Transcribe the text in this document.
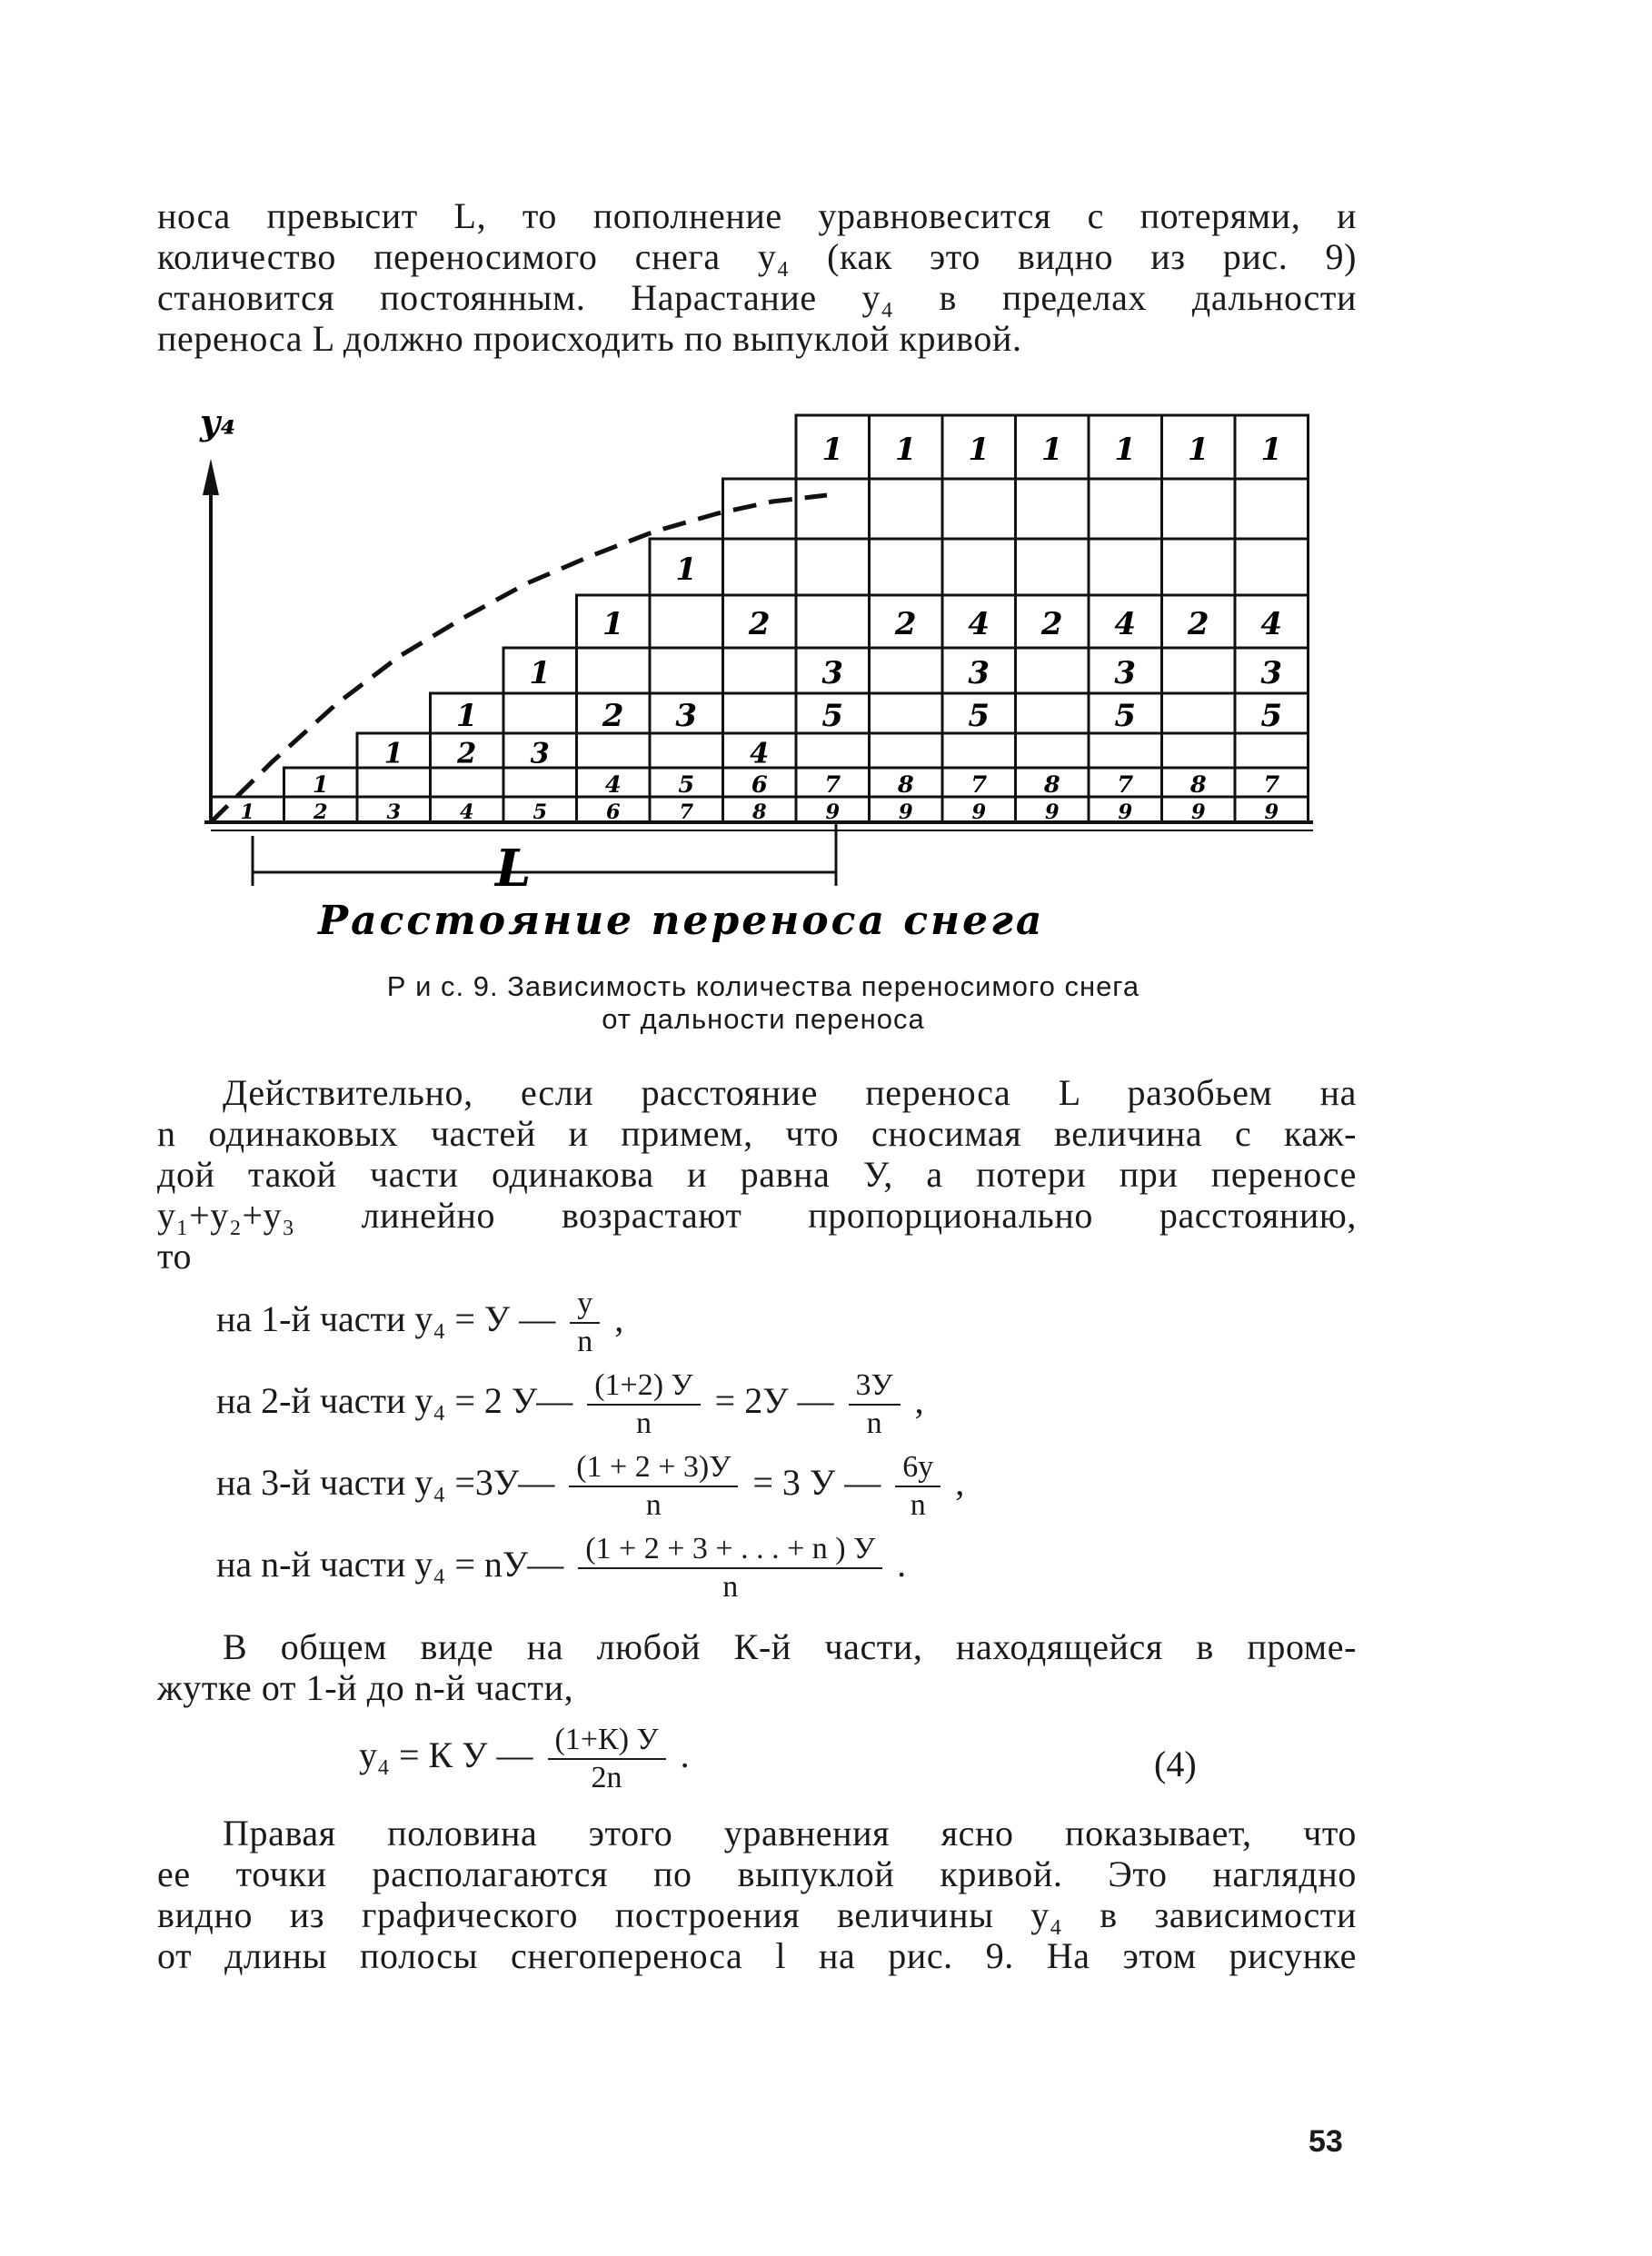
носа превысит L, то пополнение уравновесится с потерями, и
количество переносимого снега у₄ (как это видно из рис. 9)
становится постоянным. Нарастание у₄ в пределах дальности
переноса L должно происходить по выпуклой кривой.
1	2
1
3
1
4
2
1
5
3
1
6
4
2
1
7
5
3
1
8
6
4
2
9
7
5
3
1
9
8
2
1
9
7
5
3
4
1
9
8
2
1
9
7
5
3
4
1
9
8
2
1
9
7
5
3
4
1
у₄
L
Расстояние переноса снега
Р и с. 9. Зависимость количества переносимого снега
от дальности переноса
Действительно, если расстояние переноса L разобьем на
n одинаковых частей и примем, что сносимая величина с каж-
дой такой части одинакова и равна У, а потери при переносе
у₁+у₂+у₃ линейно возрастают пропорционально расстоянию,
то
на 1-й части у₄ = У — $\frac{у}{n}$ ,
на 2-й части у₄ = 2 У— $\frac{(1+2) У}{n} = 2У$ — $\frac{3У}{n}$ ,
на 3-й части у₄ =3У— $\frac{(1 + 2 + 3)У}{n} = 3$ У — $\frac{6у}{n}$ ,
на n-й части у₄ = nУ— $\frac{(1 + 2 + 3 + . . . + n ) У}{n}$ .
В общем виде на любой К-й части, находящейся в проме-
жутке от 1-й до n-й части,
у₄ = К У — $\frac{(1+К) У}{2n}$ .	(4)
Правая половина этого уравнения ясно показывает, что
ее точки располагаются по выпуклой кривой. Это наглядно
видно из графического построения величины у₄ в зависимости
от длины полосы снегопереноса l на рис. 9. На этом рисунке
53
